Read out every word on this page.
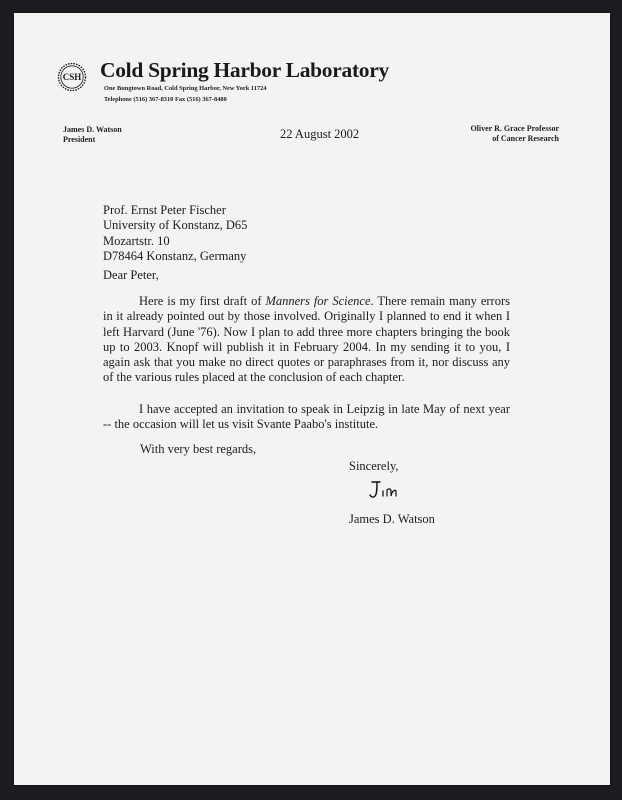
CSH Cold Spring Harbor Laboratory
One Bungtown Road, Cold Spring Harbor, New York 11724
Telephone (516) 367-8310 Fax (516) 367-8480
James D. Watson
President	22 August 2002	Oliver R. Grace Professor
of Cancer Research
Prof. Ernst Peter Fischer
University of Konstanz, D65
Mozartstr. 10
D78464 Konstanz, Germany
Dear Peter,
Here is my first draft of Manners for Science. There remain many errors in it already pointed out by those involved. Originally I planned to end it when I left Harvard (June '76). Now I plan to add three more chapters bringing the book up to 2003. Knopf will publish it in February 2004. In my sending it to you, I again ask that you make no direct quotes or paraphrases from it, nor discuss any of the various rules placed at the conclusion of each chapter.
I have accepted an invitation to speak in Leipzig in late May of next year -- the occasion will let us visit Svante Paabo's institute.
With very best regards,
Sincerely,
James D. Watson
